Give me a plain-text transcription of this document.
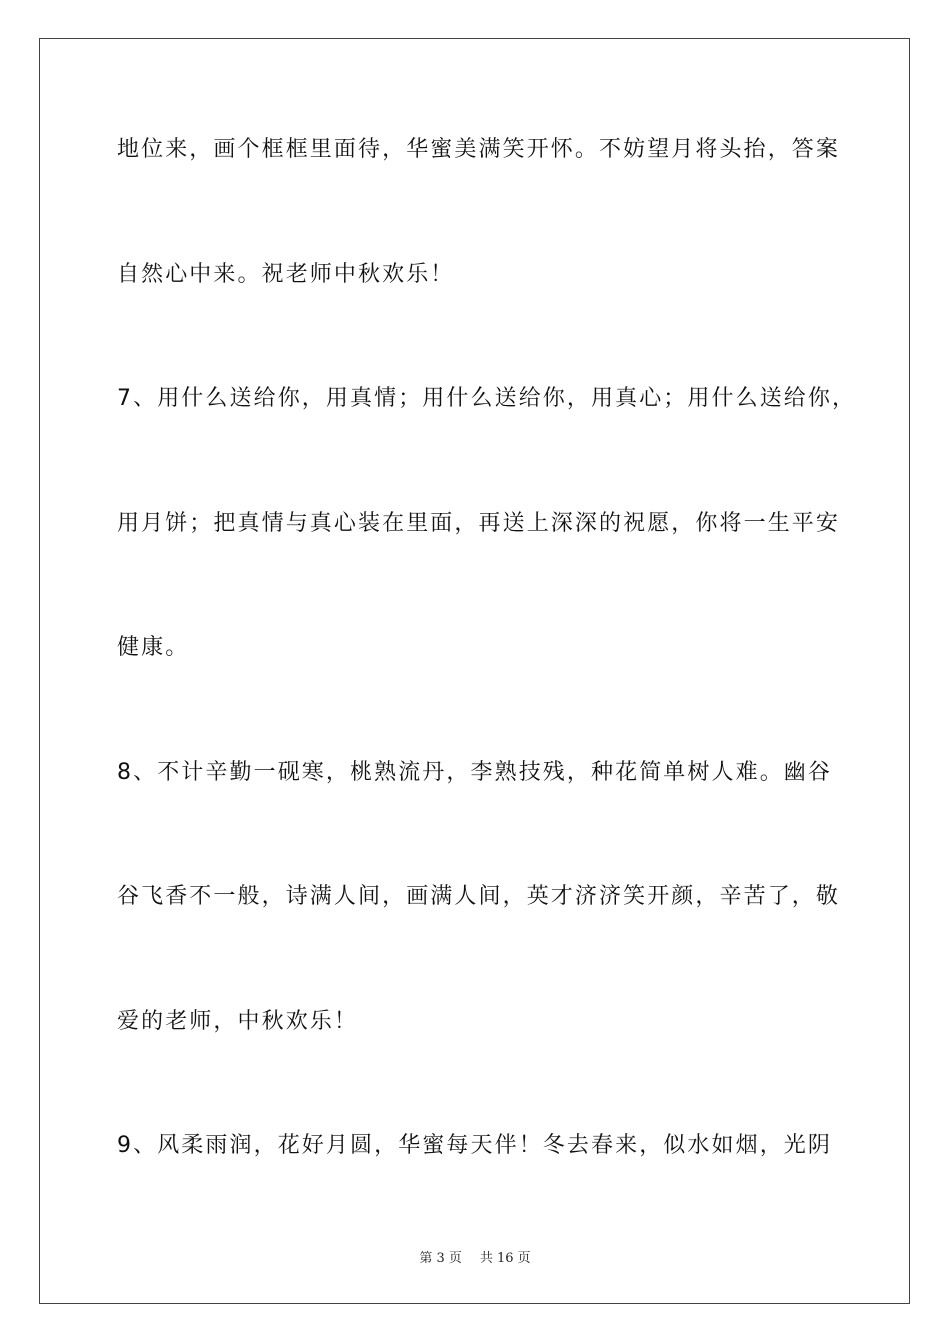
地位来，画个框框里面待，华蜜美满笑开怀。不妨望月将头抬，答案
自然心中来。祝老师中秋欢乐！
7、用什么送给你，用真情；用什么送给你，用真心；用什么送给你，
用月饼；把真情与真心装在里面，再送上深深的祝愿，你将一生平安
健康。
8、不计辛勤一砚寒，桃熟流丹，李熟技残，种花简单树人难。幽谷
谷飞香不一般，诗满人间，画满人间，英才济济笑开颜，辛苦了，敬
爱的老师，中秋欢乐！
9、风柔雨润，花好月圆，华蜜每天伴！冬去春来，似水如烟，光阴
第 3 页 共 16 页
